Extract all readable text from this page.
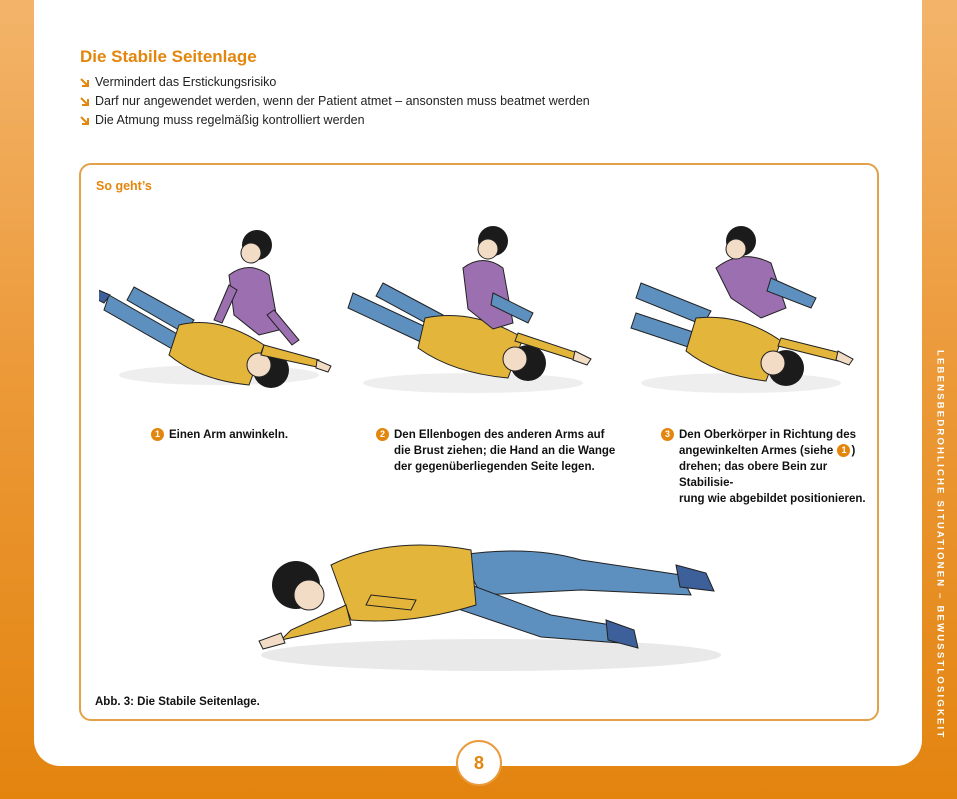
Die Stabile Seitenlage
Vermindert das Erstickungsrisiko
Darf nur angewendet werden, wenn der Patient atmet – ansonsten muss beatmet werden
Die Atmung muss regelmäßig kontrolliert werden
So geht’s
1 Einen Arm anwinkeln.	2 Den Ellenbogen des anderen Arms auf
die Brust ziehen; die Hand an die Wange
der gegenüberliegenden Seite legen.
3 Den Oberkörper in Richtung des
angewinkelten Armes (siehe 1 )
drehen; das obere Bein zur Stabilisie-
rung wie abgebildet positionieren.
Abb. 3: Die Stabile Seitenlage.	LEBENSBEDROHLICHE SITUATIONEN – BEWUSSTLOSIGKEIT
8
